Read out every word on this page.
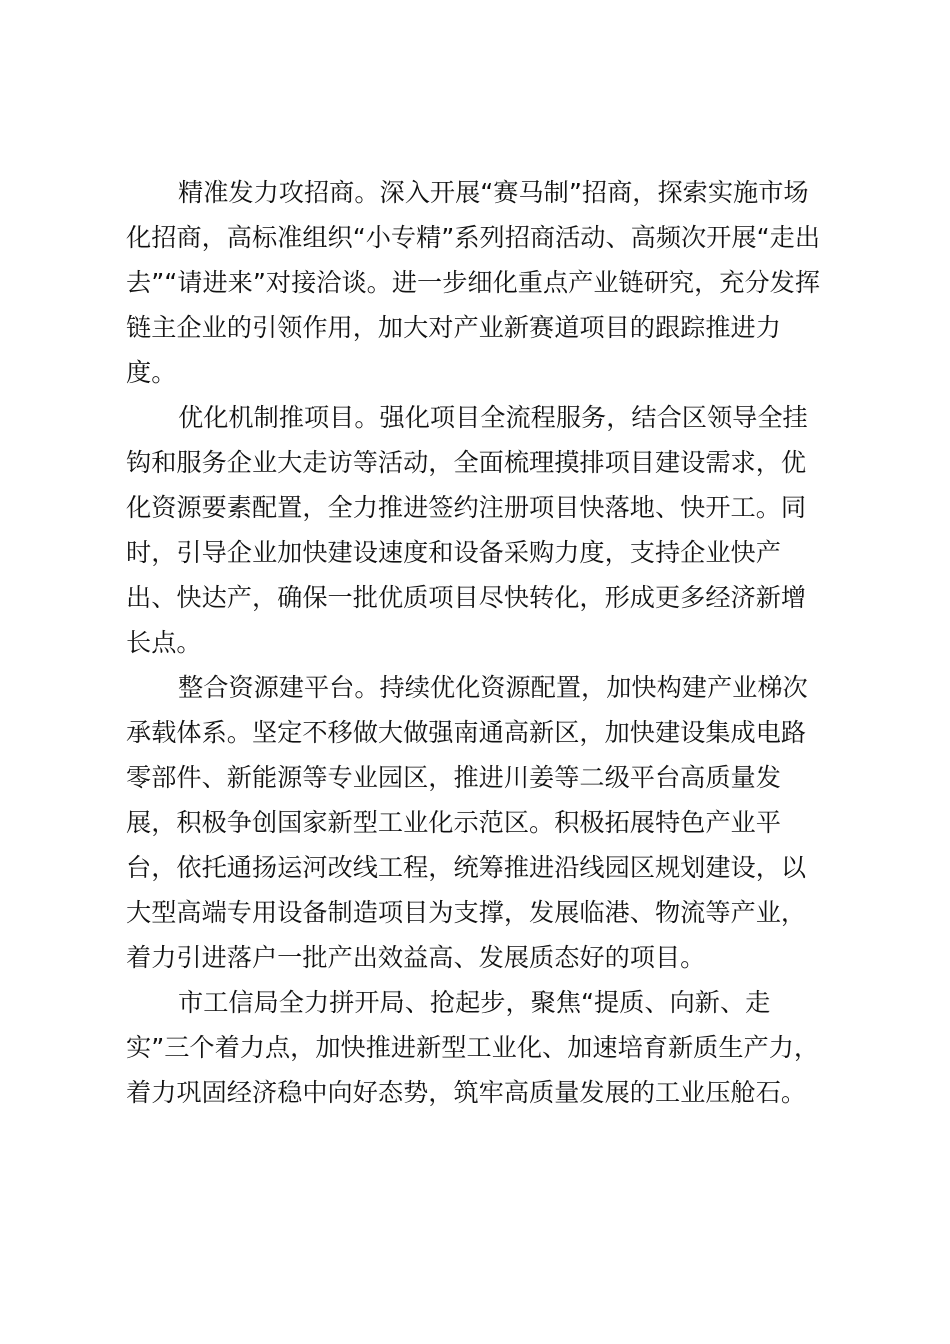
精准发力攻招商。深入开展“赛马制”招商，探索实施市场
化招商，高标准组织“小专精”系列招商活动、高频次开展“走出
去”“请进来”对接洽谈。进一步细化重点产业链研究，充分发挥
链主企业的引领作用，加大对产业新赛道项目的跟踪推进力
度。
优化机制推项目。强化项目全流程服务，结合区领导全挂
钩和服务企业大走访等活动，全面梳理摸排项目建设需求，优
化资源要素配置，全力推进签约注册项目快落地、快开工。同
时，引导企业加快建设速度和设备采购力度，支持企业快产
出、快达产，确保一批优质项目尽快转化，形成更多经济新增
长点。
整合资源建平台。持续优化资源配置，加快构建产业梯次
承载体系。坚定不移做大做强南通高新区，加快建设集成电路
零部件、新能源等专业园区，推进川姜等二级平台高质量发
展，积极争创国家新型工业化示范区。积极拓展特色产业平
台，依托通扬运河改线工程，统筹推进沿线园区规划建设，以
大型高端专用设备制造项目为支撑，发展临港、物流等产业，
着力引进落户一批产出效益高、发展质态好的项目。
市工信局全力拼开局、抢起步，聚焦“提质、向新、走
实”三个着力点，加快推进新型工业化、加速培育新质生产力，
着力巩固经济稳中向好态势，筑牢高质量发展的工业压舱石。
